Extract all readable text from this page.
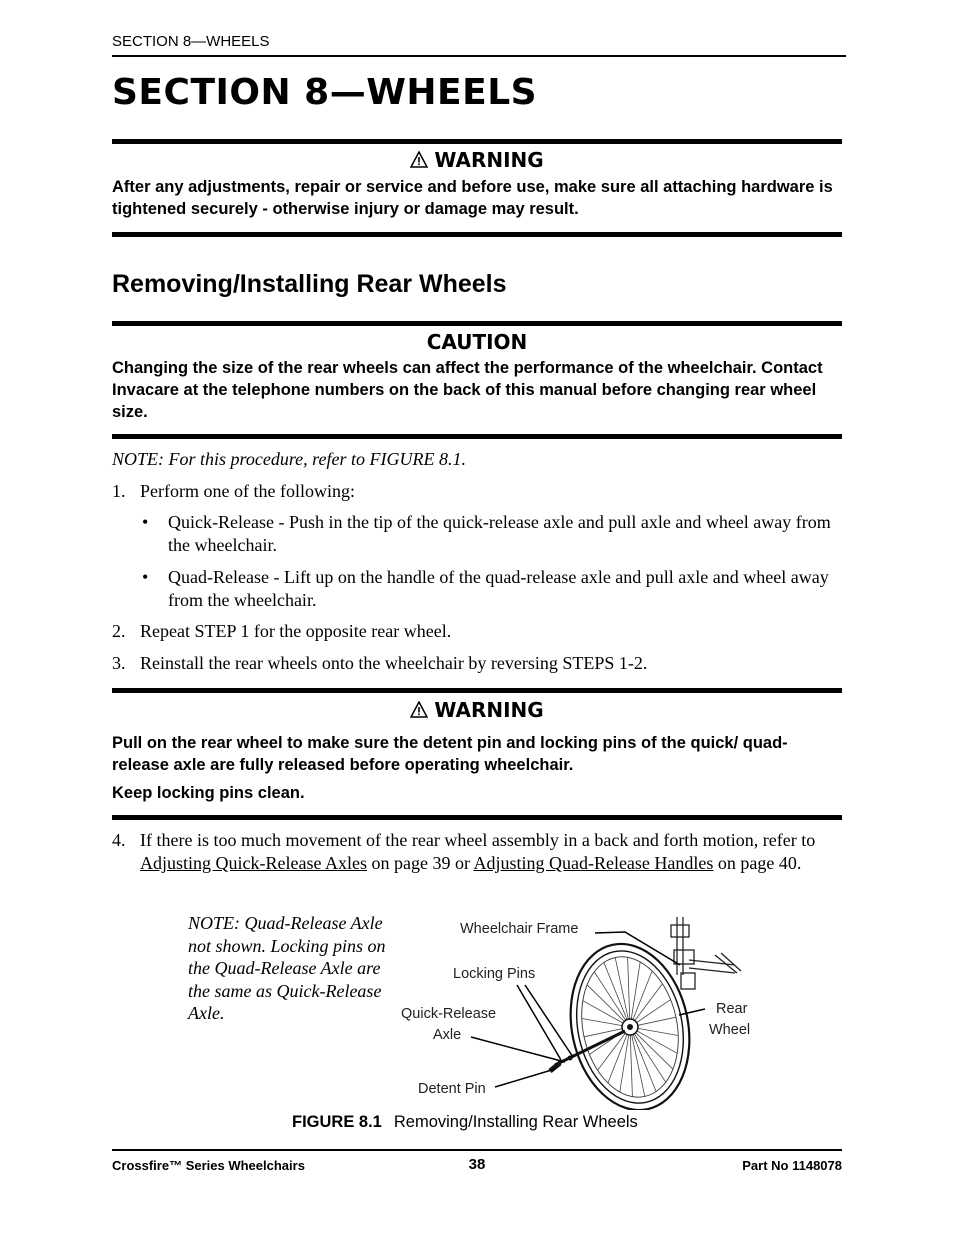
SECTION 8—WHEELS
SECTION 8—WHEELS
WARNING
After any adjustments, repair or service and before use, make sure all attaching hardware is tightened securely - otherwise injury or damage may result.
Removing/Installing Rear Wheels
CAUTION
Changing the size of the rear wheels can affect the performance of the wheelchair. Contact Invacare at the telephone numbers on the back of this manual before changing rear wheel size.
NOTE: For this procedure, refer to FIGURE 8.1.
1. Perform one of the following:
• Quick-Release - Push in the tip of the quick-release axle and pull axle and wheel away from the wheelchair.
• Quad-Release - Lift up on the handle of the quad-release axle and pull axle and wheel away from the wheelchair.
2. Repeat STEP 1 for the opposite rear wheel.
3. Reinstall the rear wheels onto the wheelchair by reversing STEPS 1-2.
WARNING
Pull on the rear wheel to make sure the detent pin and locking pins of the quick/ quad-release axle are fully released before operating wheelchair.
Keep locking pins clean.
4. If there is too much movement of the rear wheel assembly in a back and forth motion, refer to Adjusting Quick-Release Axles on page 39 or Adjusting Quad-Release Handles on page 40.
NOTE: Quad-Release Axle not shown. Locking pins on the Quad-Release Axle are the same as Quick-Release Axle.
Wheelchair Frame
Locking Pins
Quick-Release
Axle
Rear
Wheel
Detent Pin
FIGURE 8.1 Removing/Installing Rear Wheels
Crossfire™ Series Wheelchairs	38	Part No 1148078
